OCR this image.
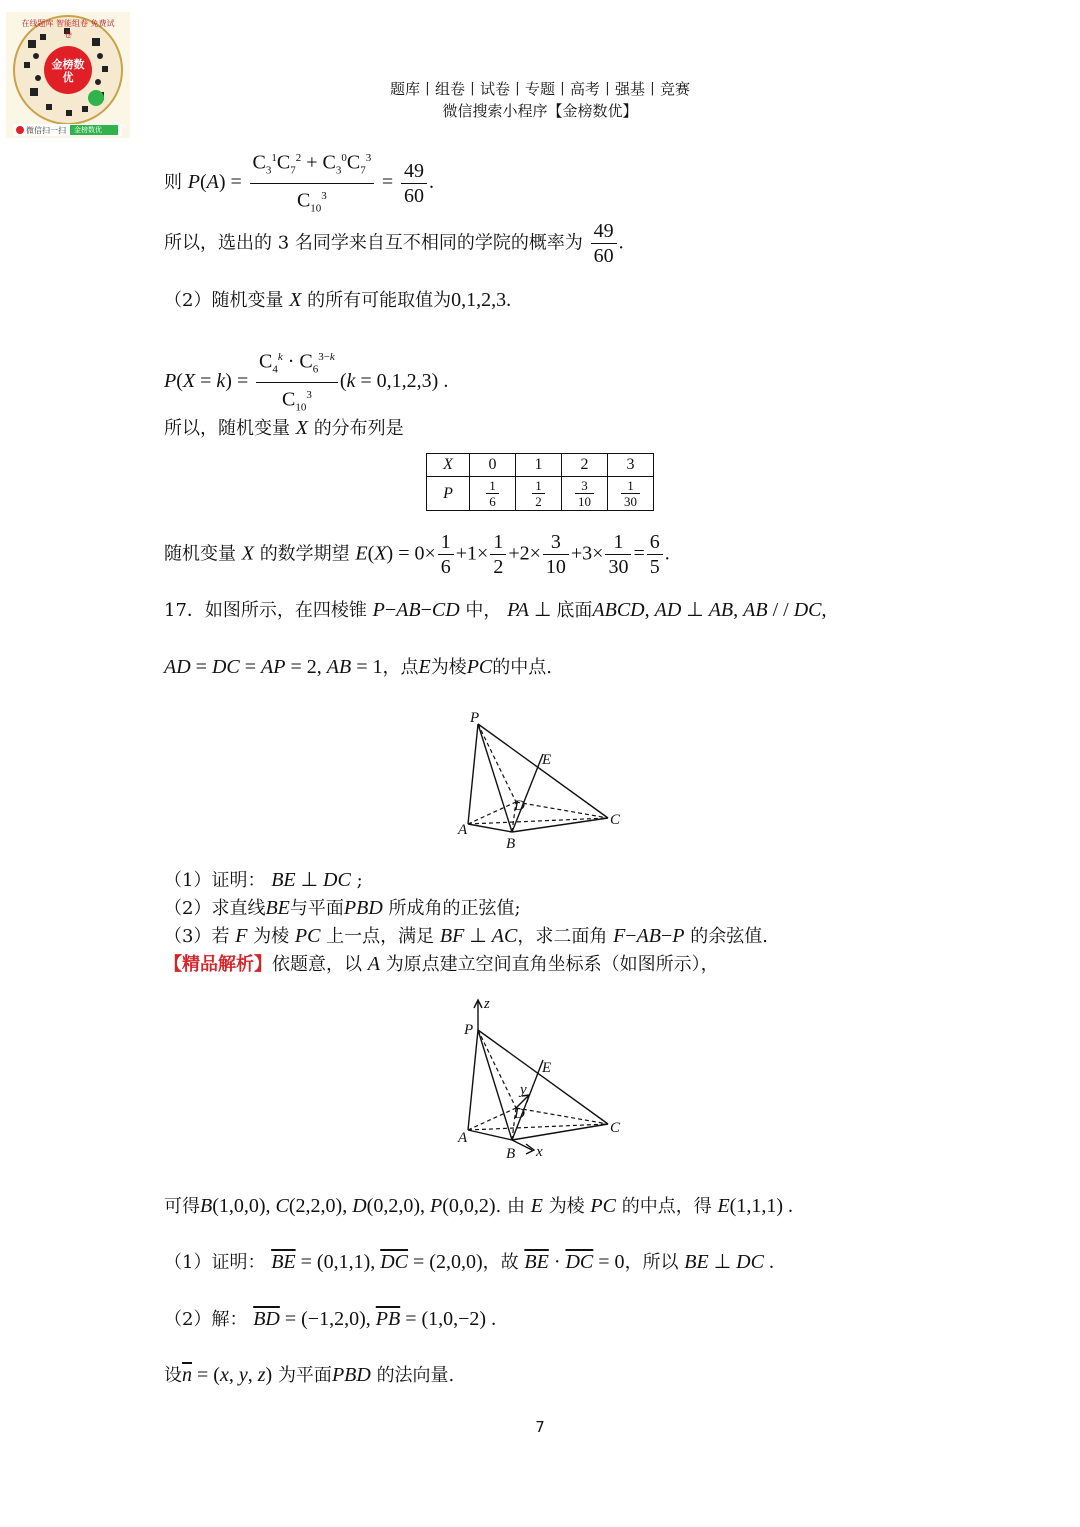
金榜数优
在线题库 智能组卷 免费试卷
微信扫一扫 金榜数优
题库丨组卷丨试卷丨专题丨高考丨强基丨竞赛
微信搜索小程序【金榜数优】
则 $P(A) = \frac{C_3^1C_7^2 + C_3^0C_7^3}{C_{10}^3} = \frac{49}{60}$ .
所以，选出的 3 名同学来自互不相同的学院的概率为 $\frac{49}{60}$ .
（2）随机变量 X 的所有可能取值为0,1,2,3.
$P(X = k) = \frac{C_4^k \cdot C_6^{3-k}}{C_{10}^3} (k = 0,1,2,3)$ .
所以，随机变量 X 的分布列是
X	0	1	2	3
P	$\frac{1}{6}$	$\frac{1}{2}$	$\frac{3}{10}$	$\frac{1}{30}$
随机变量 X 的数学期望 $E(X) = 0\times \frac{1}{6} +1\times \frac{1}{2} +2\times \frac{3}{10} +3\times \frac{1}{30} = \frac{6}{5}$ .
17．如图所示，在四棱锥 P−AB−CD 中， PA ⊥ 底面ABCD, AD ⊥ AB, AB / / DC,
AD = DC = AP = 2, AB = 1，点E为棱PC的中点.
P
E
D
C
A
B
（1）证明： BE ⊥ DC ;
（2）求直线BE与平面PBD 所成角的正弦值;
（3）若 F 为棱 PC 上一点，满足 BF ⊥ AC，求二面角 F−AB−P 的余弦值.
【精品解析】依题意，以 A 为原点建立空间直角坐标系（如图所示），
z
P
E
y
D
C
A
B x
可得B(1,0,0), C(2,2,0), D(0,2,0), P(0,0,2). 由 E 为棱 PC 的中点，得 E(1,1,1) .
（1）证明： $\overline{BE} = (0,1,1)$, $\overline{DC} = (2,0,0)$，故 $\overline{BE} \cdot \overline{DC} = 0$，所以 BE ⊥ DC .
（2）解： $\overline{BD} = (-1,2,0)$, $\overline{PB} = (1,0,-2)$ .
设$\overline{n} = (x$, y, z) 为平面PBD 的法向量.
7
